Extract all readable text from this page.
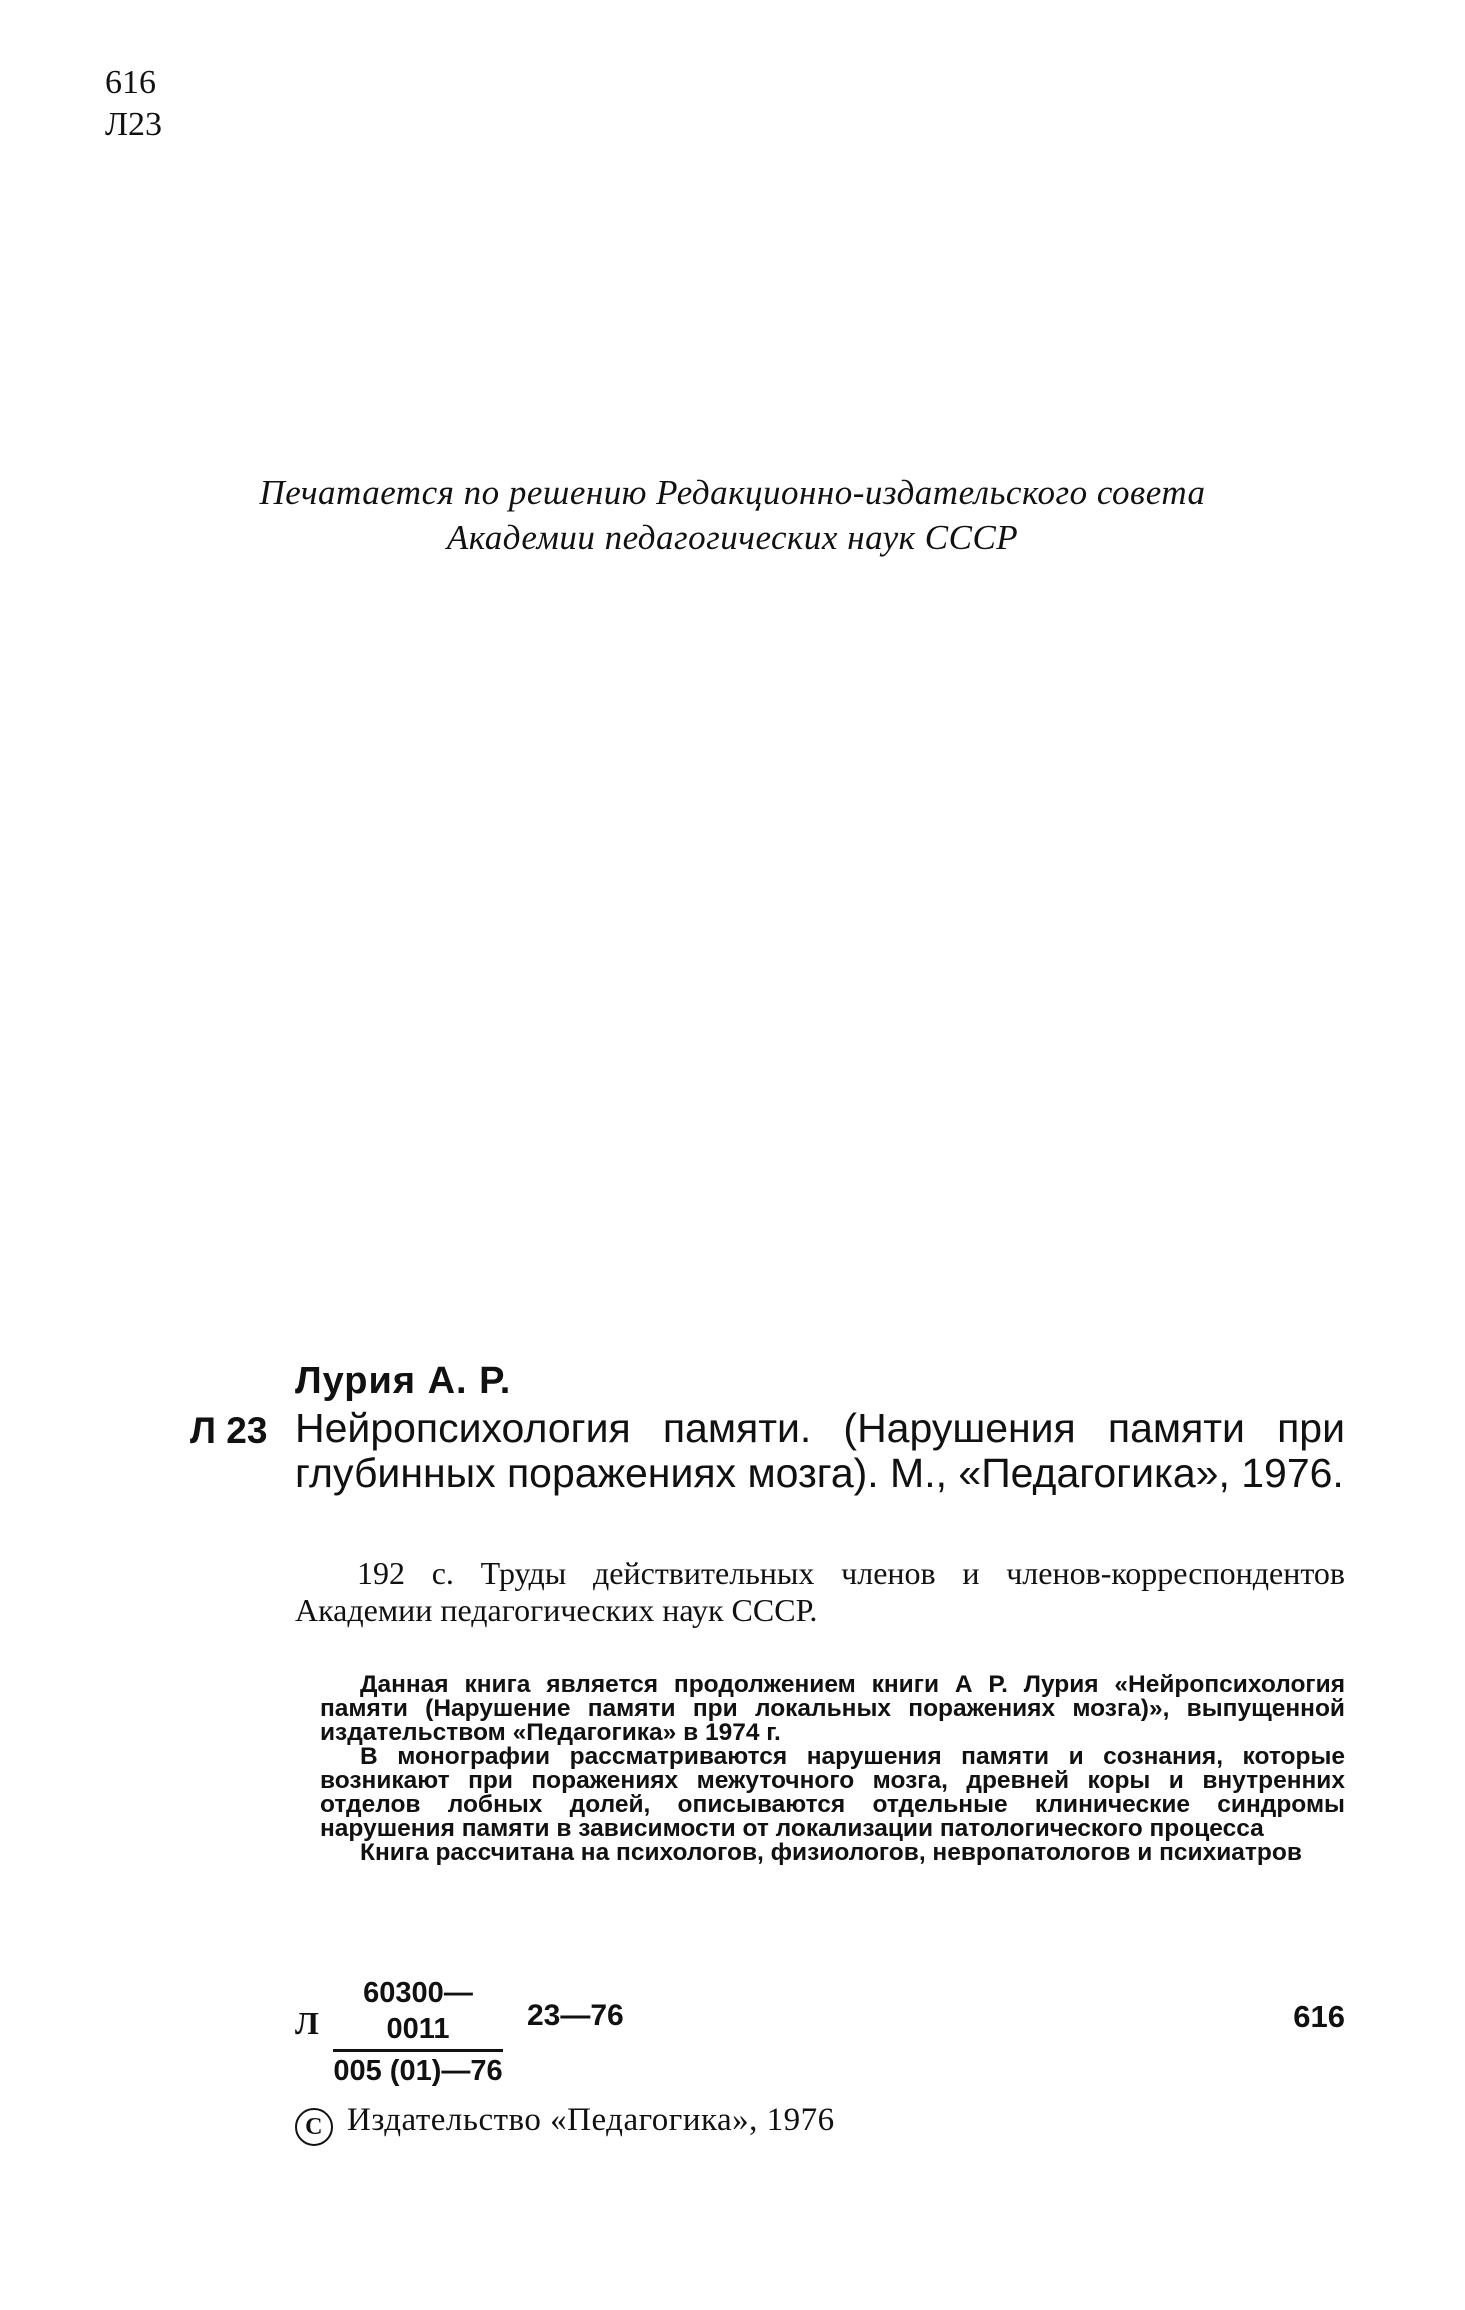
616
Л23
Печатается по решению Редакционно-издательского совета
Академии педагогических наук СССР
Лурия А. Р.
Л 23 Нейропсихология памяти. (Нарушения памяти при глубинных поражениях мозга). М., «Педагогика», 1976.
192 с. Труды действительных членов и членов-корреспондентов Академии педагогических наук СССР.

Данная книга является продолжением книги А Р. Лурия «Нейропсихология памяти (Нарушение памяти при локальных поражениях мозга)», выпущенной издательством «Педагогика» в 1974 г.

В монографии рассматриваются нарушения памяти и сознания, которые возникают при поражениях межуточного мозга, древней коры и внутренних отделов лобных долей, описываются отдельные клинические синдромы нарушения памяти в зависимости от локализации патологического процесса

Книга рассчитана на психологов, физиологов, невропатологов и психиатров

Л $\frac{60300—0011}{005 (01)—76}$ 23—76	616
C Издательство «Педагогика», 1976
